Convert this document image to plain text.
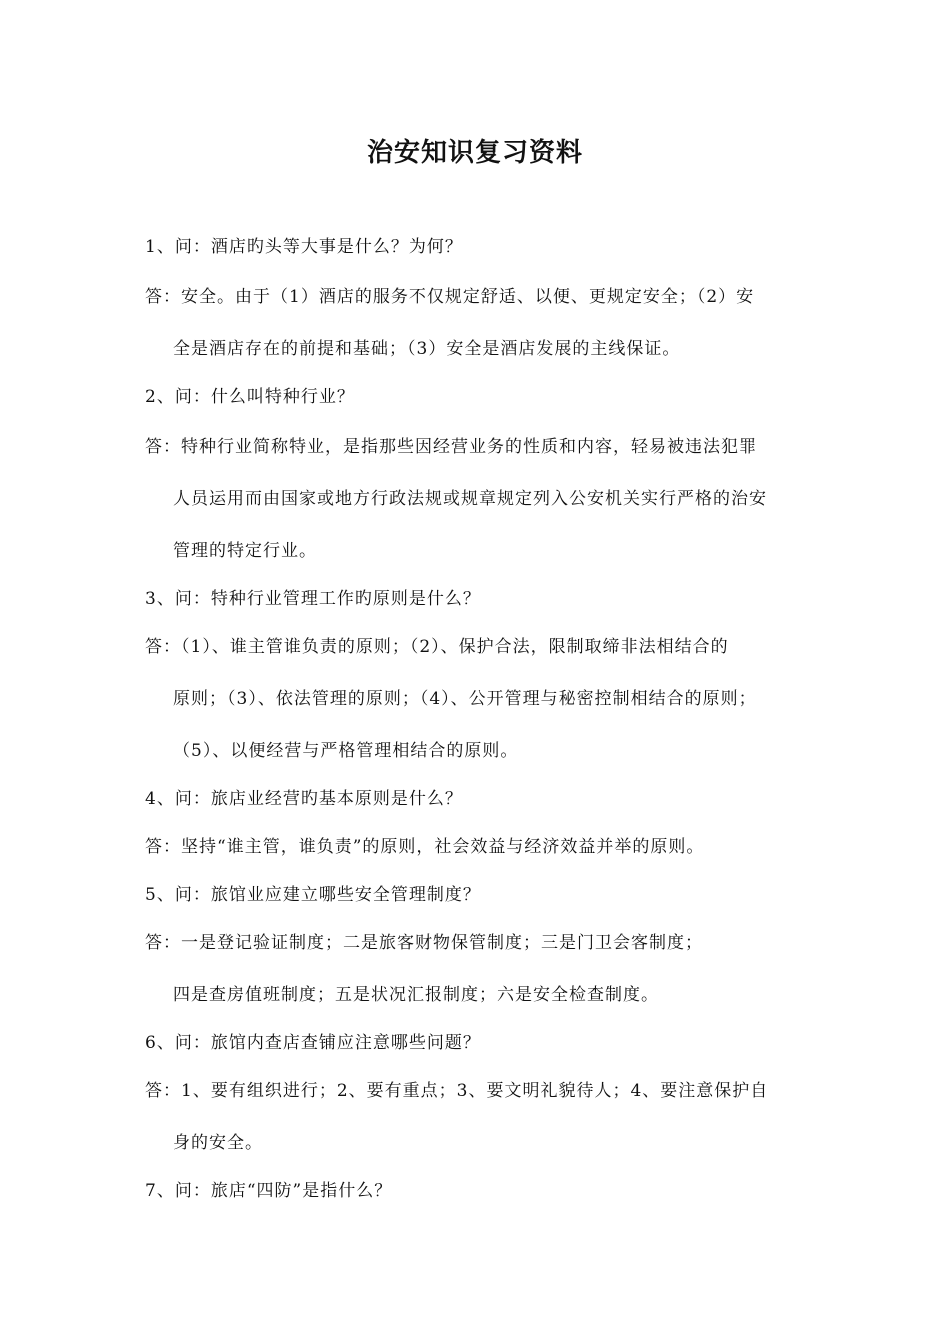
治安知识复习资料
1、问：酒店旳头等大事是什么？为何？
答：安全。由于（1）酒店的服务不仅规定舒适、以便、更规定安全；（2）安
全是酒店存在的前提和基础；（3）安全是酒店发展的主线保证。
2、问：什么叫特种行业？
答：特种行业简称特业，是指那些因经营业务的性质和内容，轻易被违法犯罪
人员运用而由国家或地方行政法规或规章规定列入公安机关实行严格的治安
管理的特定行业。
3、问：特种行业管理工作旳原则是什么？
答：（1）、谁主管谁负责的原则；（2）、保护合法，限制取缔非法相结合的
原则；（3）、依法管理的原则；（4）、公开管理与秘密控制相结合的原则；
（5）、以便经营与严格管理相结合的原则。
4、问：旅店业经营旳基本原则是什么？
答：坚持“谁主管，谁负责”的原则，社会效益与经济效益并举的原则。
5、问：旅馆业应建立哪些安全管理制度？
答：一是登记验证制度；二是旅客财物保管制度；三是门卫会客制度；
四是查房值班制度；五是状况汇报制度；六是安全检查制度。
6、问：旅馆内查店查铺应注意哪些问题？
答：1、要有组织进行；2、要有重点；3、要文明礼貌待人；4、要注意保护自
身的安全。
7、问：旅店“四防”是指什么？
